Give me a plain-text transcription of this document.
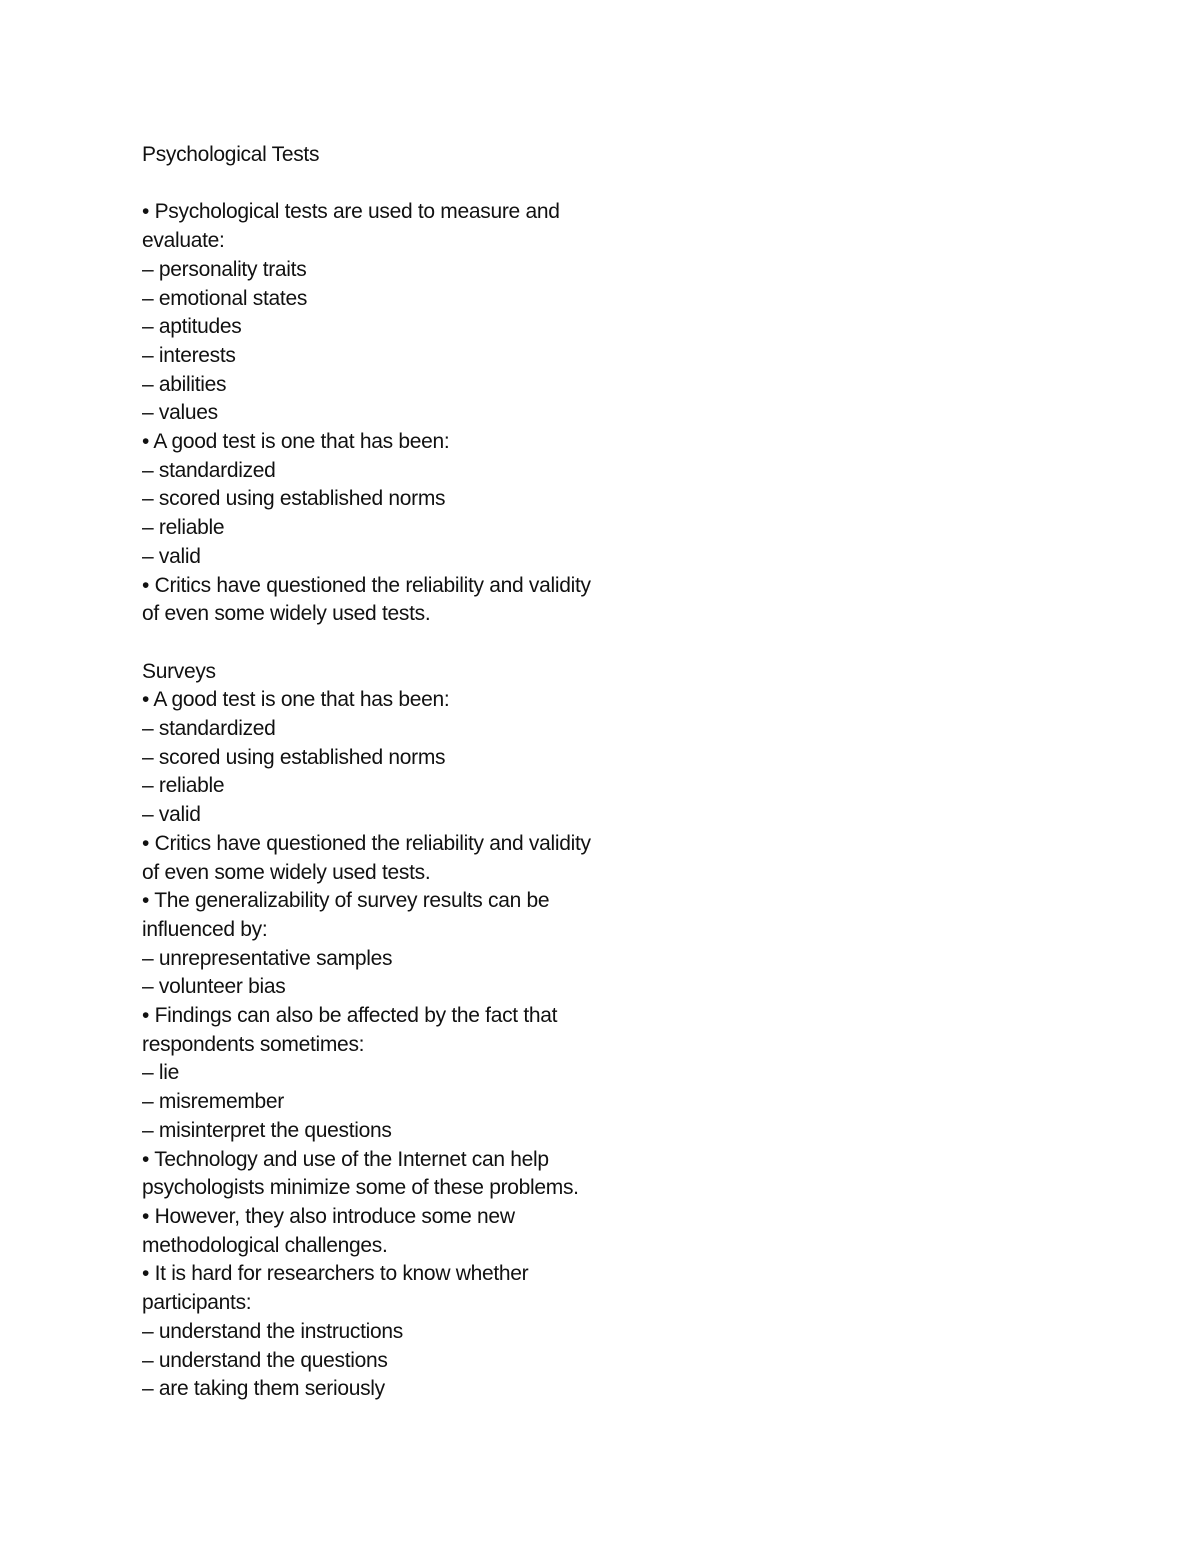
Psychological Tests
• Psychological tests are used to measure and
evaluate:
– personality traits
– emotional states
– aptitudes
– interests
– abilities
– values
• A good test is one that has been:
– standardized
– scored using established norms
– reliable
– valid
• Critics have questioned the reliability and validity
of even some widely used tests.
Surveys
• A good test is one that has been:
– standardized
– scored using established norms
– reliable
– valid
• Critics have questioned the reliability and validity
of even some widely used tests.
• The generalizability of survey results can be
influenced by:
– unrepresentative samples
– volunteer bias
• Findings can also be affected by the fact that
respondents sometimes:
– lie
– misremember
– misinterpret the questions
• Technology and use of the Internet can help
psychologists minimize some of these problems.
• However, they also introduce some new
methodological challenges.
• It is hard for researchers to know whether
participants:
– understand the instructions
– understand the questions
– are taking them seriously
